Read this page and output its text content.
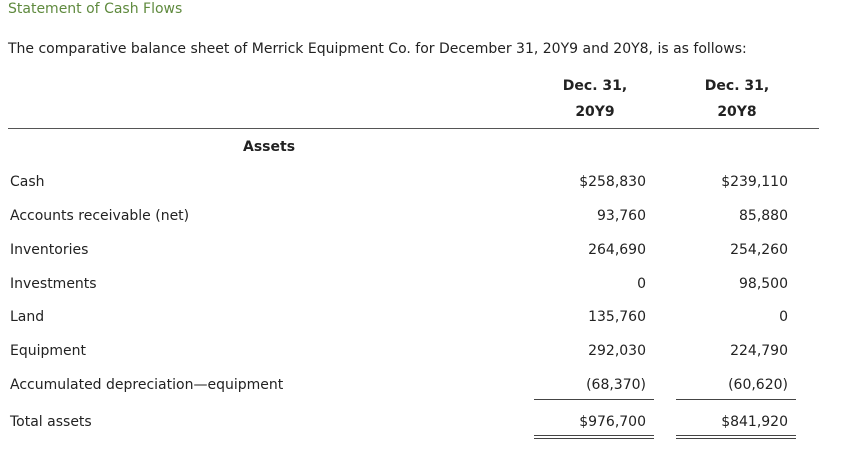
Statement of Cash Flows
The comparative balance sheet of Merrick Equipment Co. for December 31, 20Y9 and 20Y8, is as follows:
Dec. 31,
20Y9
Dec. 31,
20Y8
Assets
Cash	$258,830	$239,110
Accounts receivable (net)	93,760	85,880
Inventories	264,690	254,260
Investments	0	98,500
Land	135,760	0
Equipment	292,030	224,790
Accumulated depreciation—equipment	(68,370)	(60,620)
Total assets	$976,700	$841,920
